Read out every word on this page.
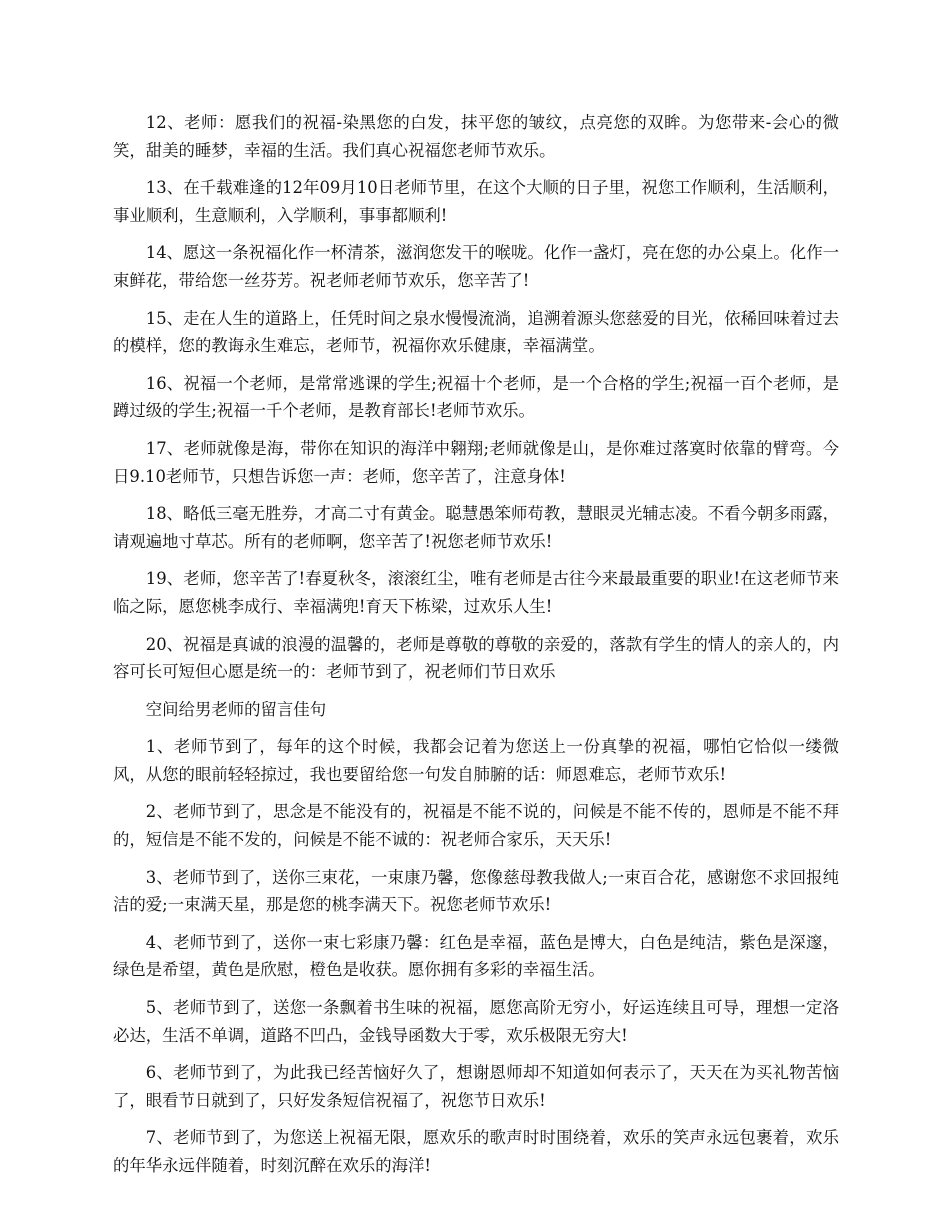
12、老师：愿我们的祝福-染黑您的白发，抹平您的皱纹，点亮您的双眸。为您带来-会心的微笑，甜美的睡梦，幸福的生活。我们真心祝福您老师节欢乐。

13、在千载难逢的12年09月10日老师节里，在这个大顺的日子里，祝您工作顺利，生活顺利，事业顺利，生意顺利，入学顺利，事事都顺利!

14、愿这一条祝福化作一杯清茶，滋润您发干的喉咙。化作一盏灯，亮在您的办公桌上。化作一束鲜花，带给您一丝芬芳。祝老师老师节欢乐，您辛苦了!

15、走在人生的道路上，任凭时间之泉水慢慢流淌，追溯着源头您慈爱的目光，依稀回味着过去的模样，您的教诲永生难忘，老师节，祝福你欢乐健康，幸福满堂。

16、祝福一个老师，是常常逃课的学生;祝福十个老师，是一个合格的学生;祝福一百个老师，是蹲过级的学生;祝福一千个老师，是教育部长!老师节欢乐。

17、老师就像是海，带你在知识的海洋中翱翔;老师就像是山，是你难过落寞时依靠的臂弯。今日9.10老师节，只想告诉您一声：老师，您辛苦了，注意身体!

18、略低三毫无胜券，才高二寸有黄金。聪慧愚笨师苟教，慧眼灵光辅志凌。不看今朝多雨露，请观遍地寸草芯。所有的老师啊，您辛苦了!祝您老师节欢乐!

19、老师，您辛苦了!春夏秋冬，滚滚红尘，唯有老师是古往今来最最重要的职业!在这老师节来临之际，愿您桃李成行、幸福满兜!育天下栋梁，过欢乐人生!

20、祝福是真诚的浪漫的温馨的，老师是尊敬的尊敬的亲爱的，落款有学生的情人的亲人的，内容可长可短但心愿是统一的：老师节到了，祝老师们节日欢乐

空间给男老师的留言佳句

1、老师节到了，每年的这个时候，我都会记着为您送上一份真挚的祝福，哪怕它恰似一缕微风，从您的眼前轻轻掠过，我也要留给您一句发自肺腑的话：师恩难忘，老师节欢乐!

2、老师节到了，思念是不能没有的，祝福是不能不说的，问候是不能不传的，恩师是不能不拜的，短信是不能不发的，问候是不能不诚的：祝老师合家乐，天天乐!

3、老师节到了，送你三束花，一束康乃馨，您像慈母教我做人;一束百合花，感谢您不求回报纯洁的爱;一束满天星，那是您的桃李满天下。祝您老师节欢乐!

4、老师节到了，送你一束七彩康乃馨：红色是幸福，蓝色是博大，白色是纯洁，紫色是深邃，绿色是希望，黄色是欣慰，橙色是收获。愿你拥有多彩的幸福生活。

5、老师节到了，送您一条飘着书生味的祝福，愿您高阶无穷小，好运连续且可导，理想一定洛必达，生活不单调，道路不凹凸，金钱导函数大于零，欢乐极限无穷大!

6、老师节到了，为此我已经苦恼好久了，想谢恩师却不知道如何表示了，天天在为买礼物苦恼了，眼看节日就到了，只好发条短信祝福了，祝您节日欢乐!

7、老师节到了，为您送上祝福无限，愿欢乐的歌声时时围绕着，欢乐的笑声永远包裹着，欢乐的年华永远伴随着，时刻沉醉在欢乐的海洋!
